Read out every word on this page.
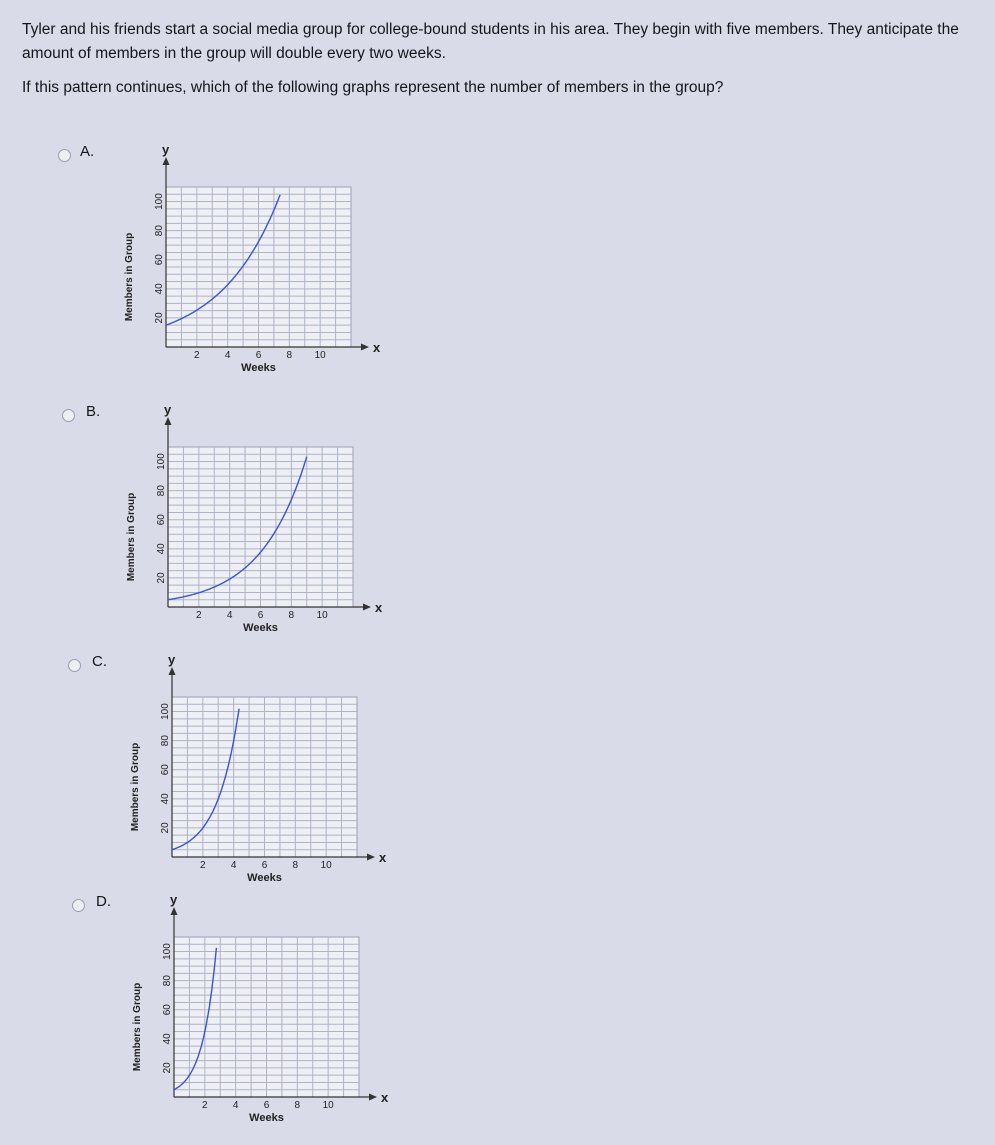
Tyler and his friends start a social media group for college-bound students in his area. They begin with five members. They anticipate the amount of members in the group will double every two weeks.

If this pattern continues, which of the following graphs represent the number of members in the group?

A.	y
x
20
40
60
80
100
2	4	6	8 10
Weeks
Members in Group
B.	y
x
20
40
60
80
100
2	4	6	8 10
Weeks
Members in Group
C.	y
x
20
40
60
80
100
2	4	6	8 10
Weeks
Members in Group
D.	y
x
20
40
60
80
100
2	4	6	8 10
Weeks
Members in Group
